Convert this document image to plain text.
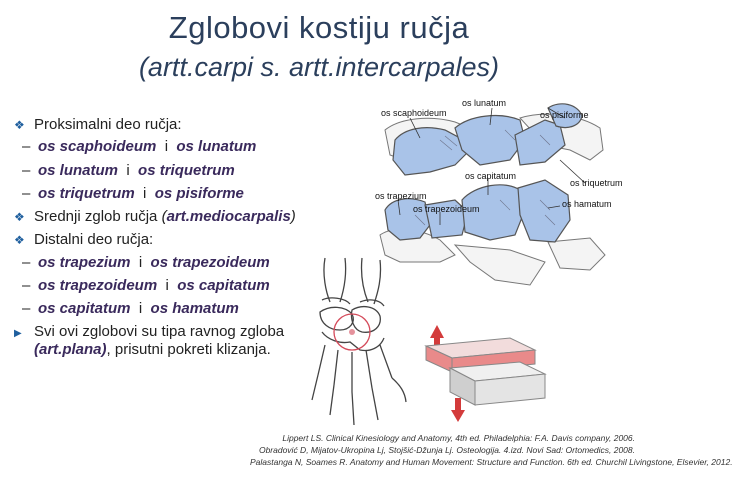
Zglobovi kostiju ručja
(artt.carpi s. artt.intercarpales)
❖ Proksimalni deo ručja:
– os scaphoideum  i  os lunatum
– os lunatum  i  os triquetrum
– os triquetrum  i  os pisiforme
❖ Srednji zglob ručja (art.mediocarpalis)
❖ Distalni deo ručja:
– os trapezium  i  os trapezoideum
– os trapezoideum  i  os capitatum
– os capitatum  i  os hamatum
▶ Svi ovi zglobovi su tipa ravnog zgloba
(art.plana), prisutni pokreti klizanja.
os lunatum
os scaphoideum	os pisiforme
os capitatum
os trapezium
os triquetrum
os trapezoideum	os hamatum
Lippert LS. Clinical Kinesiology and Anatomy, 4th ed. Philadelphia: F.A. Davis company, 2006.
Obradović D, Mijatov-Ukropina Lj, Stojšić-Džunja Lj. Osteologija. 4.izd. Novi Sad: Ortomedics, 2008.
Palastanga N, Soames R. Anatomy and Human Movement: Structure and Function. 6th ed. Churchil Livingstone, Elsevier, 2012.
